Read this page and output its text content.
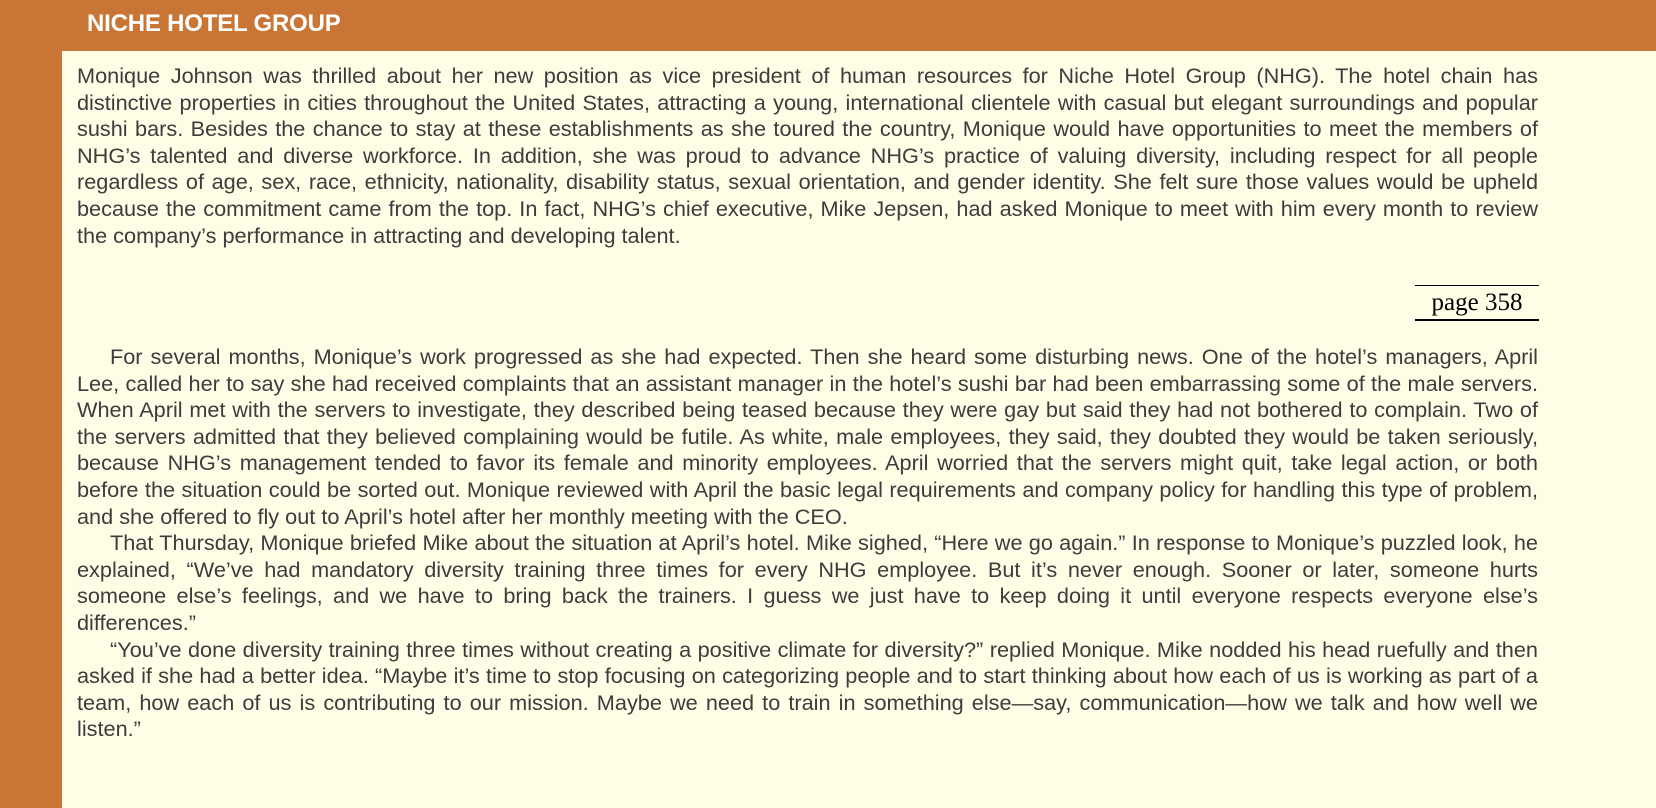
NICHE HOTEL GROUP

Monique Johnson was thrilled about her new position as vice president of human resources for Niche Hotel Group (NHG). The hotel chain has distinctive properties in cities throughout the United States, attracting a young, international clientele with casual but elegant surroundings and popular sushi bars. Besides the chance to stay at these establishments as she toured the country, Monique would have opportunities to meet the members of NHG’s talented and diverse workforce. In addition, she was proud to advance NHG’s practice of valuing diversity, including respect for all people regardless of age, sex, race, ethnicity, nationality, disability status, sexual orientation, and gender identity. She felt sure those values would be upheld because the commitment came from the top. In fact, NHG’s chief executive, Mike Jepsen, had asked Monique to meet with him every month to review the company’s performance in attracting and developing talent.

page 358

For several months, Monique’s work progressed as she had expected. Then she heard some disturbing news. One of the hotel’s managers, April Lee, called her to say she had received complaints that an assistant manager in the hotel’s sushi bar had been embarrassing some of the male servers. When April met with the servers to investigate, they described being teased because they were gay but said they had not bothered to complain. Two of the servers admitted that they believed complaining would be futile. As white, male employees, they said, they doubted they would be taken seriously, because NHG’s management tended to favor its female and minority employees. April worried that the servers might quit, take legal action, or both before the situation could be sorted out. Monique reviewed with April the basic legal requirements and company policy for handling this type of problem, and she offered to fly out to April’s hotel after her monthly meeting with the CEO.

That Thursday, Monique briefed Mike about the situation at April’s hotel. Mike sighed, “Here we go again.” In response to Monique’s puzzled look, he explained, “We’ve had mandatory diversity training three times for every NHG employee. But it’s never enough. Sooner or later, someone hurts someone else’s feelings, and we have to bring back the trainers. I guess we just have to keep doing it until everyone respects everyone else’s differences.”

“You’ve done diversity training three times without creating a positive climate for diversity?” replied Monique. Mike nodded his head ruefully and then asked if she had a better idea. “Maybe it’s time to stop focusing on categorizing people and to start thinking about how each of us is working as part of a team, how each of us is contributing to our mission. Maybe we need to train in something else—say, communication—how we talk and how well we listen.”
